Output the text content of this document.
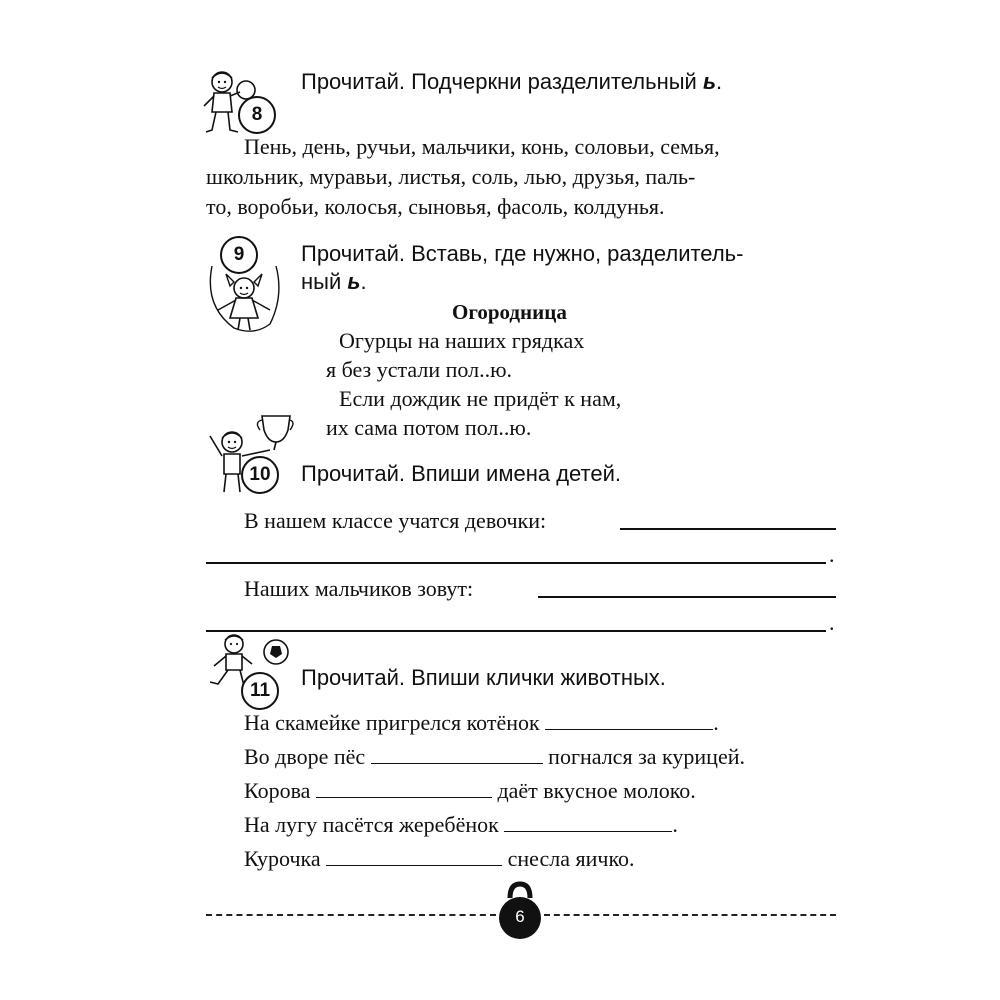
8
Прочитай. Подчеркни разделительный ь.
Пень, день, ручьи, мальчики, конь, соловьи, семья,
школьник, муравьи, листья, соль, лью, друзья, паль-
то, воробьи, колосья, сыновья, фасоль, колдунья.
9	Прочитай. Вставь, где нужно, разделитель-
ный ь.
Огородница
Огурцы на наших грядках
я без устали пол..ю.
Если дождик не придёт к нам,
их сама потом пол..ю.
10	Прочитай. Впиши имена детей.
В нашем классе учатся девочки:
.
Наших мальчиков зовут:
.
11
Прочитай. Впиши клички животных.
На скамейке пригрелся котёнок	.
Во дворе пёс	погнался за курицей.
Корова	даёт вкусное молоко.
На лугу пасётся жеребёнок	.
Курочка	снесла яичко.
6
